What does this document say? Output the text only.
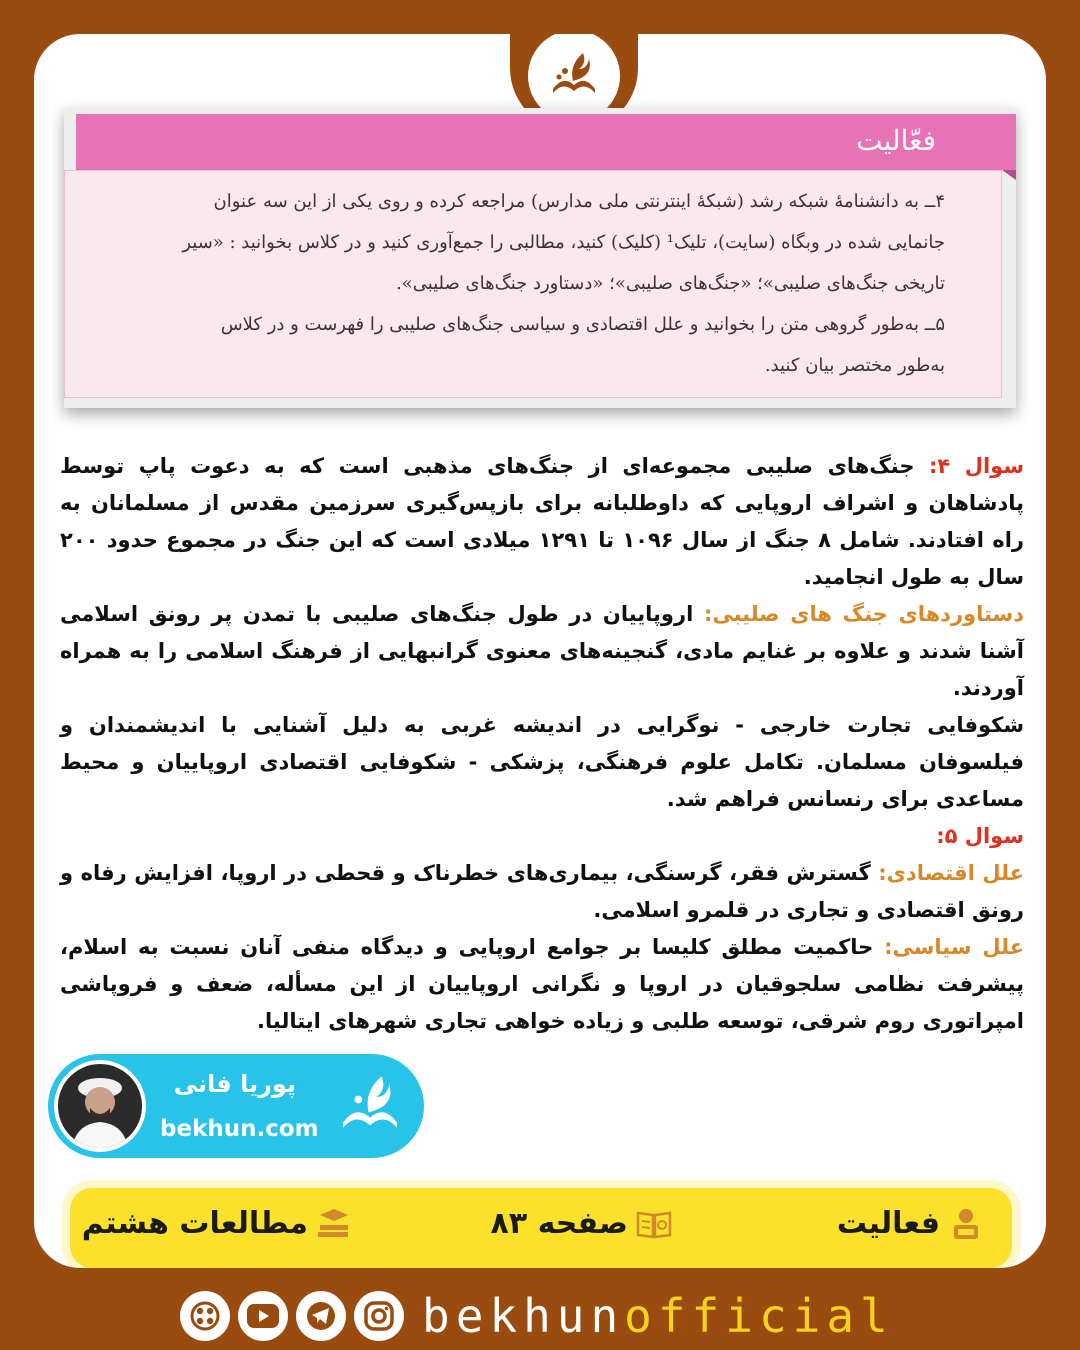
فعّالیت

۴ــ به دانشنامهٔ شبکه رشد (شبکهٔ اینترنتی ملی مدارس) مراجعه کرده و روی یکی از این سه عنوان

جانمایی شده در وبگاه (سایت)، تلیک¹ (کلیک) کنید، مطالبی را جمع‌آوری کنید و در کلاس بخوانید : «سیر

تاریخی جنگ‌های صلیبی»؛ «جنگ‌های صلیبی»؛ «دستاورد جنگ‌های صلیبی».

۵ــ به‌طور گروهی متن را بخوانید و علل اقتصادی و سیاسی جنگ‌های صلیبی را فهرست و در کلاس

به‌طور مختصر بیان کنید.

سوال ۴: جنگ‌های صلیبی مجموعه‌ای از جنگ‌های مذهبی است که به دعوت پاپ توسط پادشاهان و اشراف اروپایی که داوطلبانه برای بازپس‌گیری سرزمین مقدس از مسلمانان به راه افتادند. شامل ۸ جنگ از سال ۱۰۹۶ تا ۱۲۹۱ میلادی است که این جنگ در مجموع حدود ۲۰۰ سال به طول انجامید.

دستاوردهای جنگ های صلیبی: اروپاییان در طول جنگ‌های صلیبی با تمدن پر رونق اسلامی آشنا شدند و علاوه بر غنایم مادی، گنجینه‌های معنوی گرانبهایی از فرهنگ اسلامی را به همراه آوردند.

شکوفایی تجارت خارجی - نوگرایی در اندیشه غربی به دلیل آشنایی با اندیشمندان و فیلسوفان مسلمان. تکامل علوم فرهنگی، پزشکی - شکوفایی اقتصادی اروپاییان و محیط مساعدی برای رنسانس فراهم شد.

سوال ۵:

علل اقتصادی: گسترش فقر، گرسنگی، بیماری‌های خطرناک و قحطی در اروپا، افزایش رفاه و رونق اقتصادی و تجاری در قلمرو اسلامی.

علل سیاسی: حاکمیت مطلق کلیسا بر جوامع اروپایی و دیدگاه منفی آنان نسبت به اسلام، پیشرفت نظامی سلجوقیان در اروپا و نگرانی اروپاییان از این مسأله، ضعف و فروپاشی امپراتوری روم شرقی، توسعه طلبی و زیاده خواهی تجاری شهرهای ایتالیا.

پوریا فانی
bekhun.com
فعالیت
صفحه ۸۳
مطالعات هشتم
bekhunofficial
